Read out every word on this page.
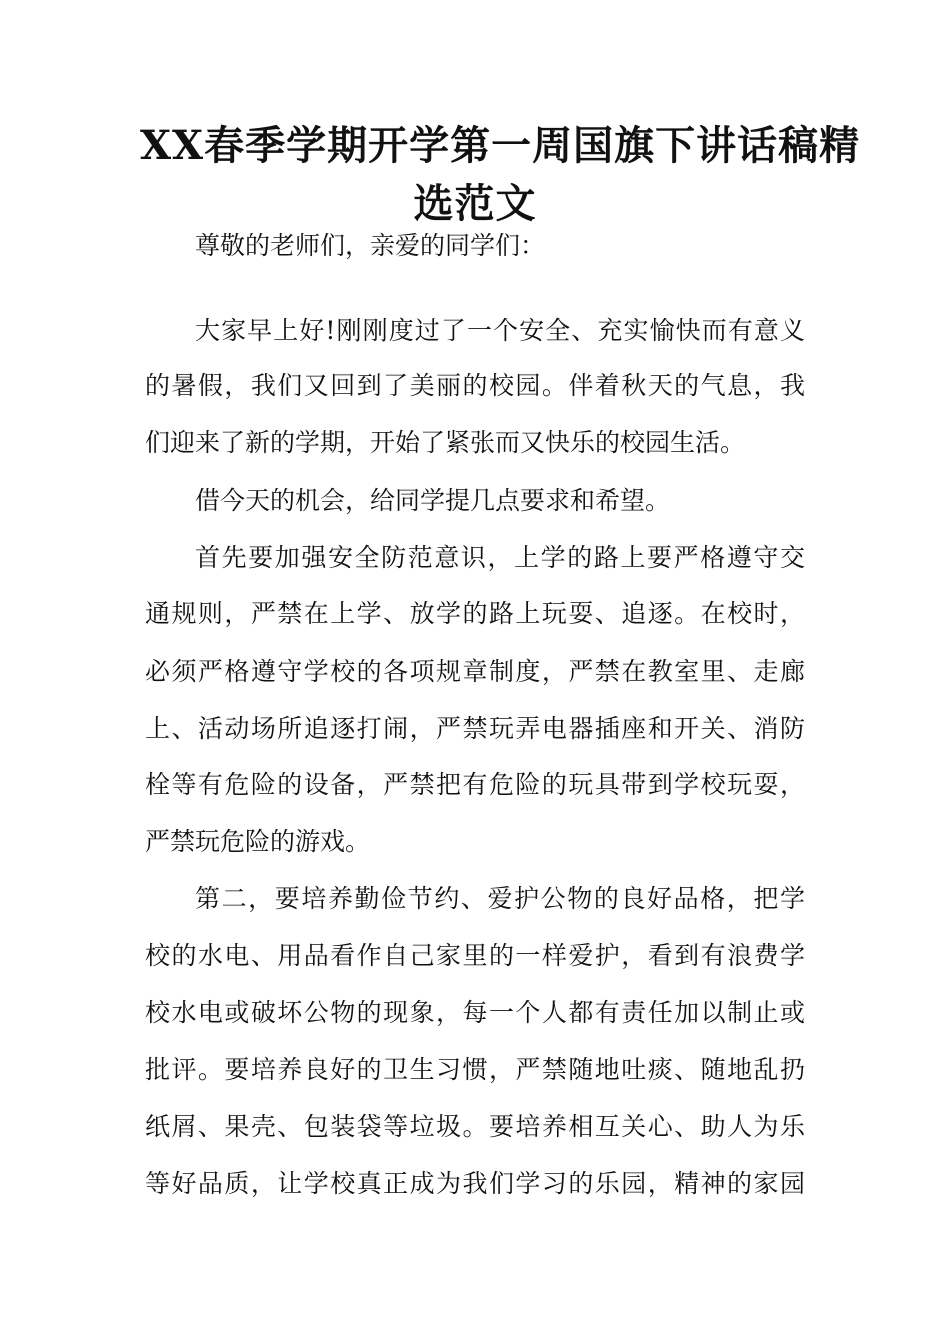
XX春季学期开学第一周国旗下讲话稿精
选范文
尊敬的老师们，亲爱的同学们：
大家早上好!刚刚度过了一个安全、充实愉快而有意义
的暑假，我们又回到了美丽的校园。伴着秋天的气息，我
们迎来了新的学期，开始了紧张而又快乐的校园生活。
借今天的机会，给同学提几点要求和希望。
首先要加强安全防范意识，上学的路上要严格遵守交
通规则，严禁在上学、放学的路上玩耍、追逐。在校时，
必须严格遵守学校的各项规章制度，严禁在教室里、走廊
上、活动场所追逐打闹，严禁玩弄电器插座和开关、消防
栓等有危险的设备，严禁把有危险的玩具带到学校玩耍，
严禁玩危险的游戏。
第二，要培养勤俭节约、爱护公物的良好品格，把学
校的水电、用品看作自己家里的一样爱护，看到有浪费学
校水电或破坏公物的现象，每一个人都有责任加以制止或
批评。要培养良好的卫生习惯，严禁随地吐痰、随地乱扔
纸屑、果壳、包装袋等垃圾。要培养相互关心、助人为乐
等好品质，让学校真正成为我们学习的乐园，精神的家园
